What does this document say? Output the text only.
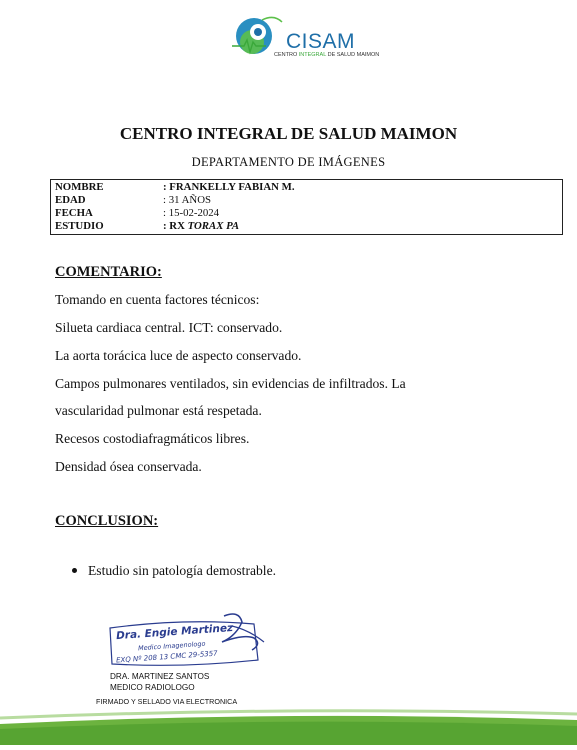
CISAM
CENTRO INTEGRAL DE SALUD MAIMON
CENTRO INTEGRAL DE SALUD MAIMON
DEPARTAMENTO DE IMÁGENES
NOMBRE	: FRANKELLY FABIAN M.
EDAD	: 31 AÑOS
FECHA	: 15-02-2024
ESTUDIO	: RX TORAX PA
COMENTARIO:
Tomando en cuenta factores técnicos:
Silueta cardiaca central. ICT: conservado.
La aorta torácica luce de aspecto conservado.
Campos pulmonares ventilados, sin evidencias de infiltrados. La
vascularidad pulmonar está respetada.
Recesos costodiafragmáticos libres.
Densidad ósea conservada.
CONCLUSION:
Estudio sin patología demostrable.
Dra. Engie Martinez
Medico Imagenologo
EXQ Nº 208 13 CMC 29-5357
DRA. MARTINEZ SANTOS
MEDICO RADIOLOGO
FIRMADO Y SELLADO VIA ELECTRONICA
